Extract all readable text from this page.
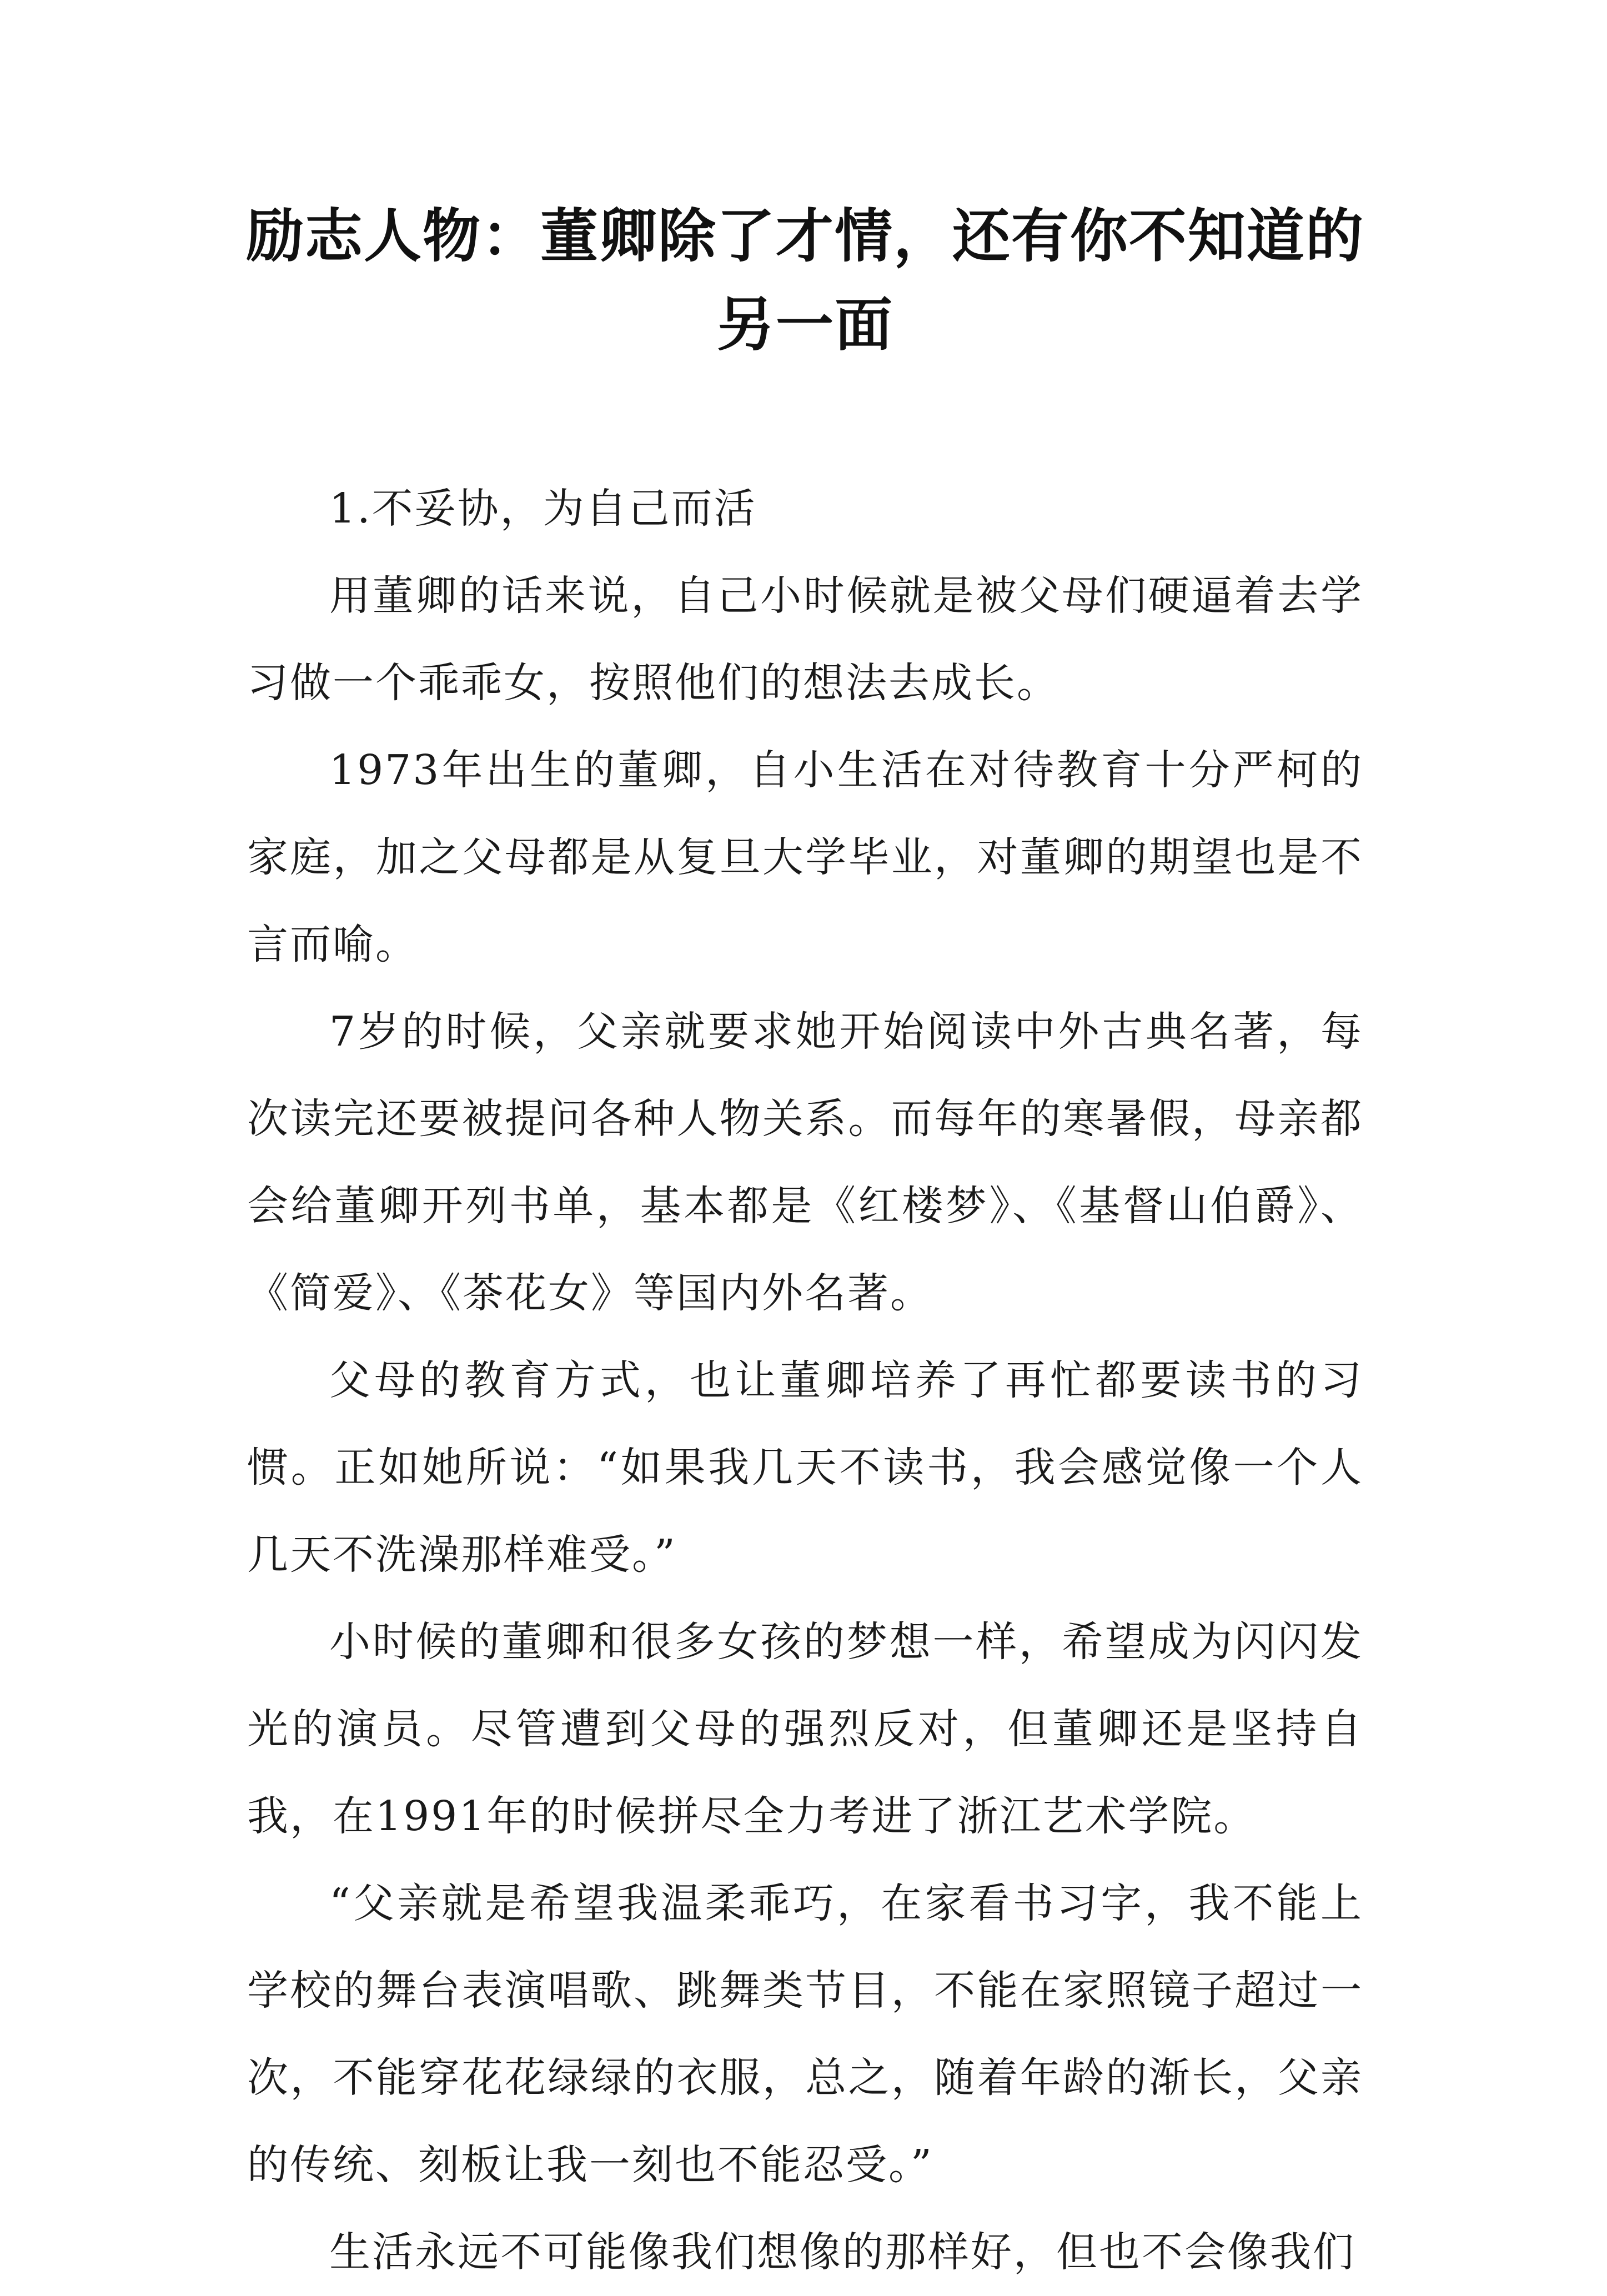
励志人物：董卿除了才情，还有你不知道的另一面

1.不妥协，为自己而活

用董卿的话来说，自己小时候就是被父母们硬逼着去学习做一个乖乖女，按照他们的想法去成长。

1973年出生的董卿，自小生活在对待教育十分严柯的家庭，加之父母都是从复旦大学毕业，对董卿的期望也是不言而喻。

7岁的时候，父亲就要求她开始阅读中外古典名著，每次读完还要被提问各种人物关系。而每年的寒暑假，母亲都会给董卿开列书单，基本都是《红楼梦》、《基督山伯爵》、《简爱》、《茶花女》等国内外名著。

父母的教育方式，也让董卿培养了再忙都要读书的习惯。正如她所说：“如果我几天不读书，我会感觉像一个人几天不洗澡那样难受。”

小时候的董卿和很多女孩的梦想一样，希望成为闪闪发光的演员。尽管遭到父母的强烈反对，但董卿还是坚持自我，在1991年的时候拼尽全力考进了浙江艺术学院。

“父亲就是希望我温柔乖巧，在家看书习字，我不能上学校的舞台表演唱歌、跳舞类节目，不能在家照镜子超过一次，不能穿花花绿绿的衣服，总之，随着年龄的渐长，父亲的传统、刻板让我一刻也不能忍受。”

生活永远不可能像我们想像的那样好，但也不会像我们
